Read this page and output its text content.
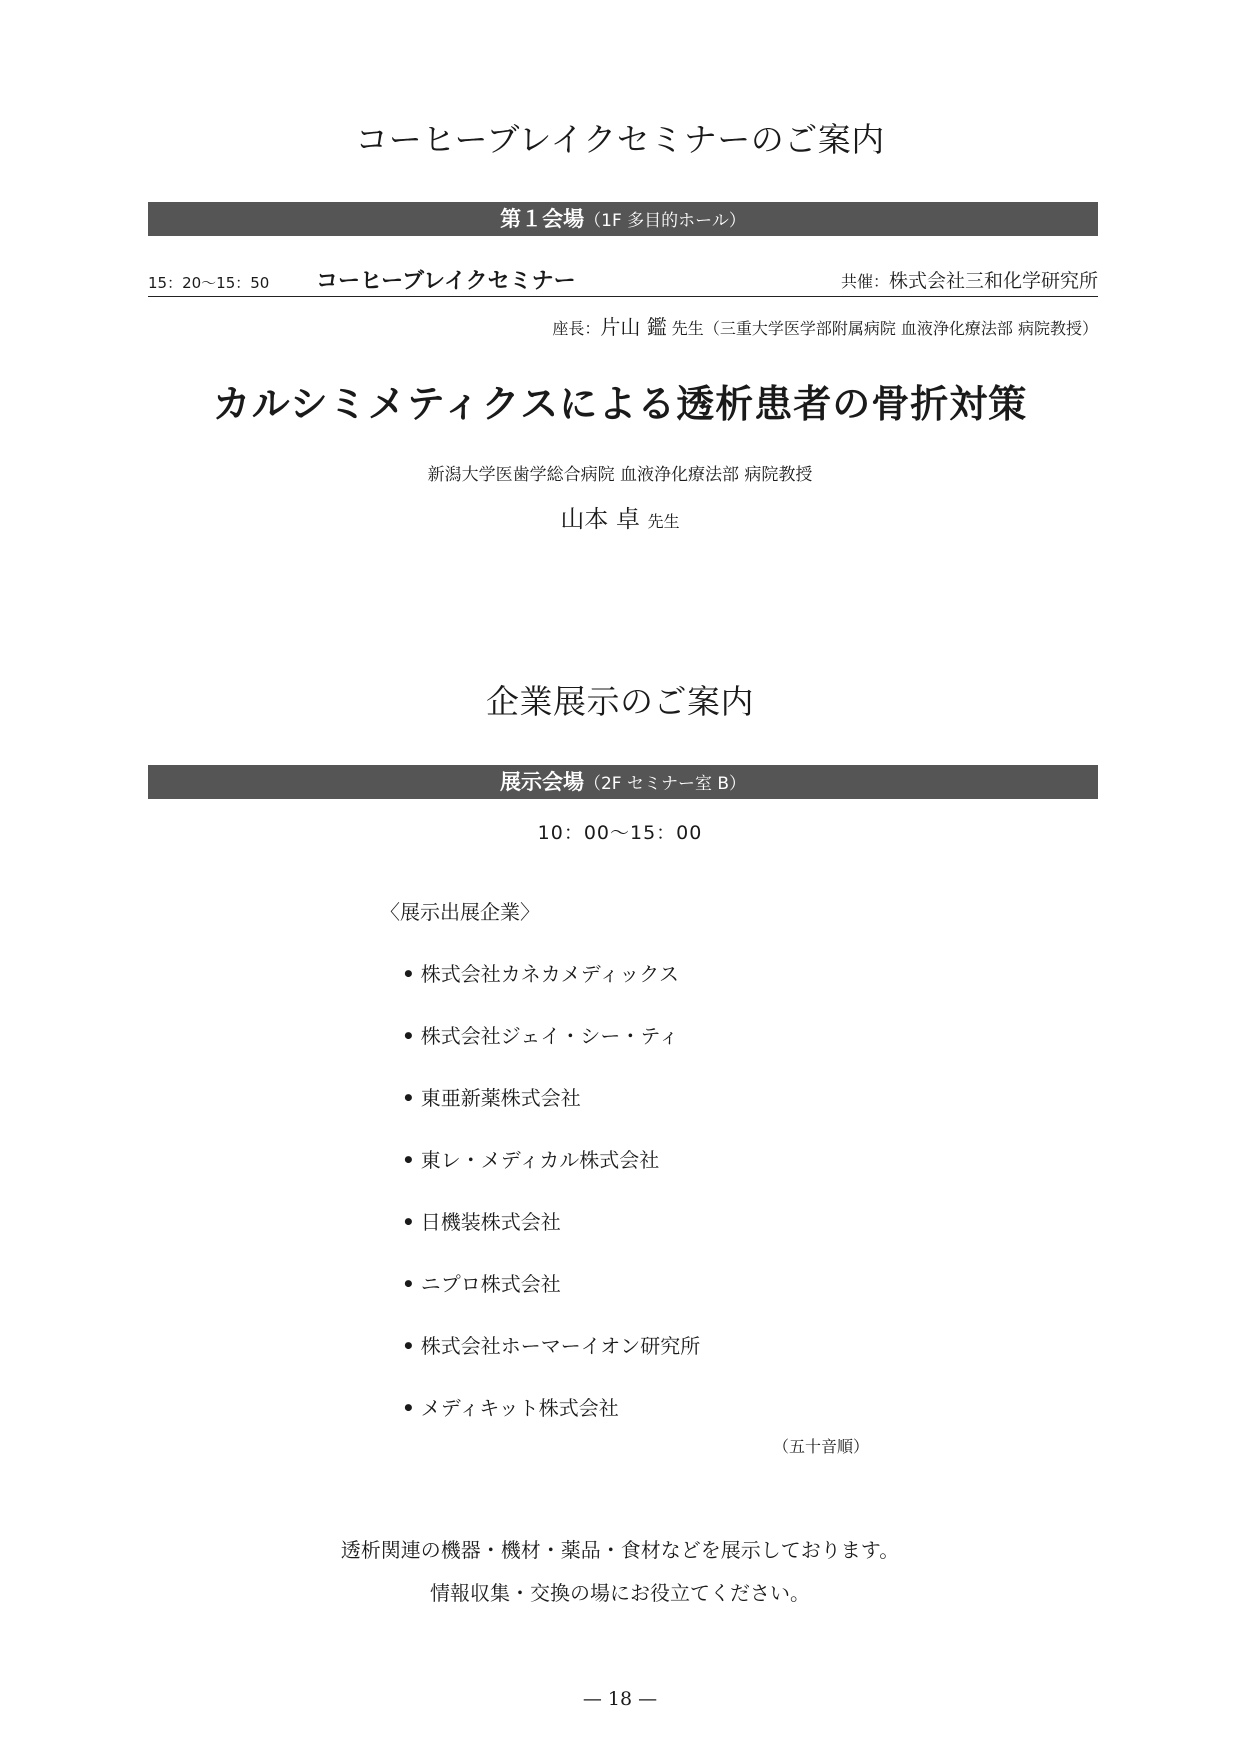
コーヒーブレイクセミナーのご案内
第１会場（1F 多目的ホール）
15：20〜15：50 コーヒーブレイクセミナー	共催：株式会社三和化学研究所
座長：片山 鑑 先生（三重大学医学部附属病院 血液浄化療法部 病院教授）
カルシミメティクスによる透析患者の骨折対策
新潟大学医歯学総合病院 血液浄化療法部 病院教授
山本 卓 先生
企業展示のご案内
展示会場（2F セミナー室 B）
10：00〜15：00
〈展示出展企業〉
• 株式会社カネカメディックス
• 株式会社ジェイ・シー・ティ
• 東亜新薬株式会社
• 東レ・メディカル株式会社
• 日機装株式会社
• ニプロ株式会社
• 株式会社ホーマーイオン研究所
• メディキット株式会社
（五十音順）
透析関連の機器・機材・薬品・食材などを展示しております。
情報収集・交換の場にお役立てください。
— 18 —
